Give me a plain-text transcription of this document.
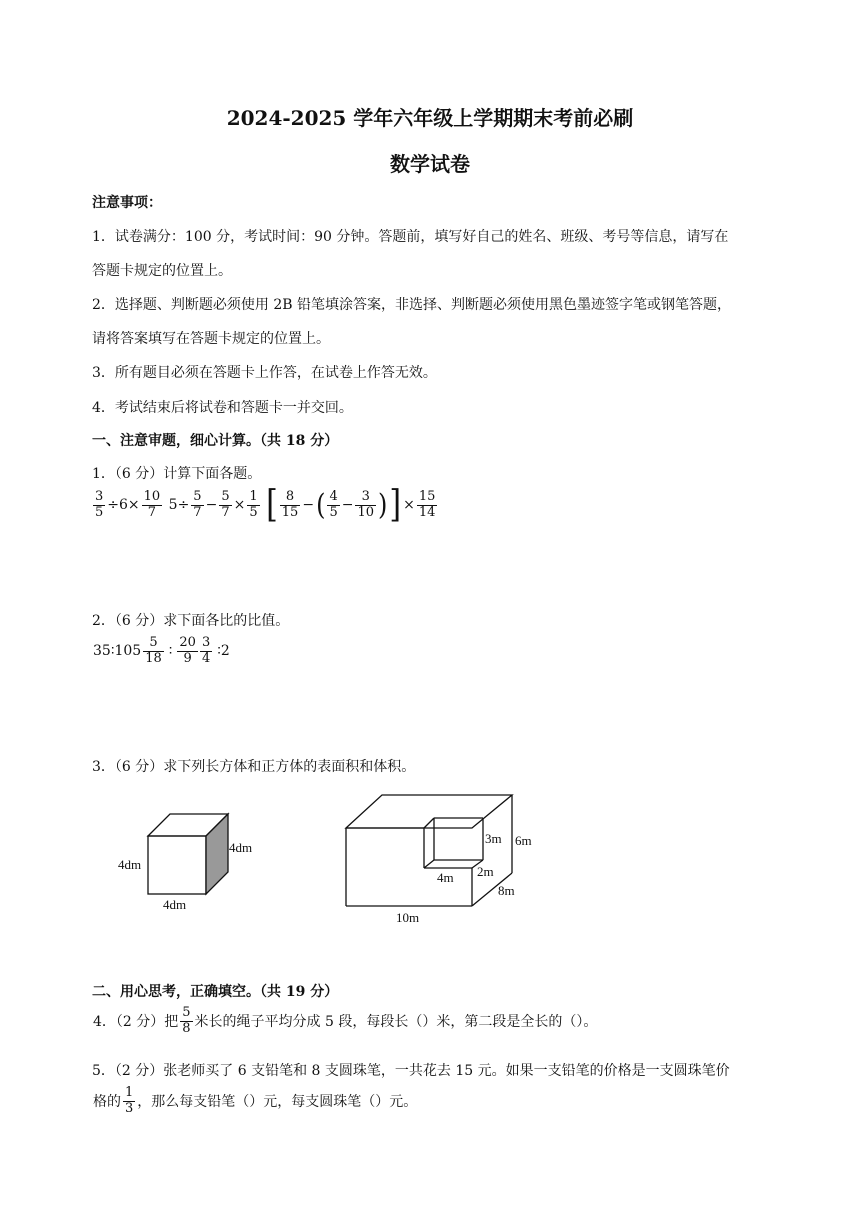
2024-2025 学年六年级上学期期末考前必刷
数学试卷
注意事项：
1．试卷满分：100 分，考试时间：90 分钟。答题前，填写好自己的姓名、班级、考号等信息，请写在
答题卡规定的位置上。
2．选择题、判断题必须使用 2B 铅笔填涂答案，非选择、判断题必须使用黑色墨迹签字笔或钢笔答题，
请将答案填写在答题卡规定的位置上。
3．所有题目必须在答题卡上作答，在试卷上作答无效。
4．考试结束后将试卷和答题卡一并交回。
一、注意审题，细心计算。（共 18 分）
1．（6 分）计算下面各题。
$\frac{3}{5} \div 6\times \frac{10}{7} 5\div \frac{5}{7} - \frac{5}{7} \times \frac{1}{5}$ [ $\frac{8}{15}$ −( $\frac{4}{5} - \frac{3}{10}$ )] × $\frac{15}{14}$
2．（6 分）求下面各比的比值。
35∶105 $\frac{5}{18}$ ∶ $\frac{20}{9} \frac{3}{4}$ ∶2
3．（6 分）求下列长方体和正方体的表面积和体积。
4dm
4dm
4dm
3m 6m
4m 2m
8m
10m
二、用心思考，正确填空。（共 19 分）
4．（2 分）把 $\frac{5}{8}$ 米长的绳子平均分成 5 段，每段长（）米，第二段是全长的（）。
5．（2 分）张老师买了 6 支铅笔和 8 支圆珠笔，一共花去 15 元。如果一支铅笔的价格是一支圆珠笔价
格的 $\frac{1}{3}$ ，那么每支铅笔（）元，每支圆珠笔（）元。
